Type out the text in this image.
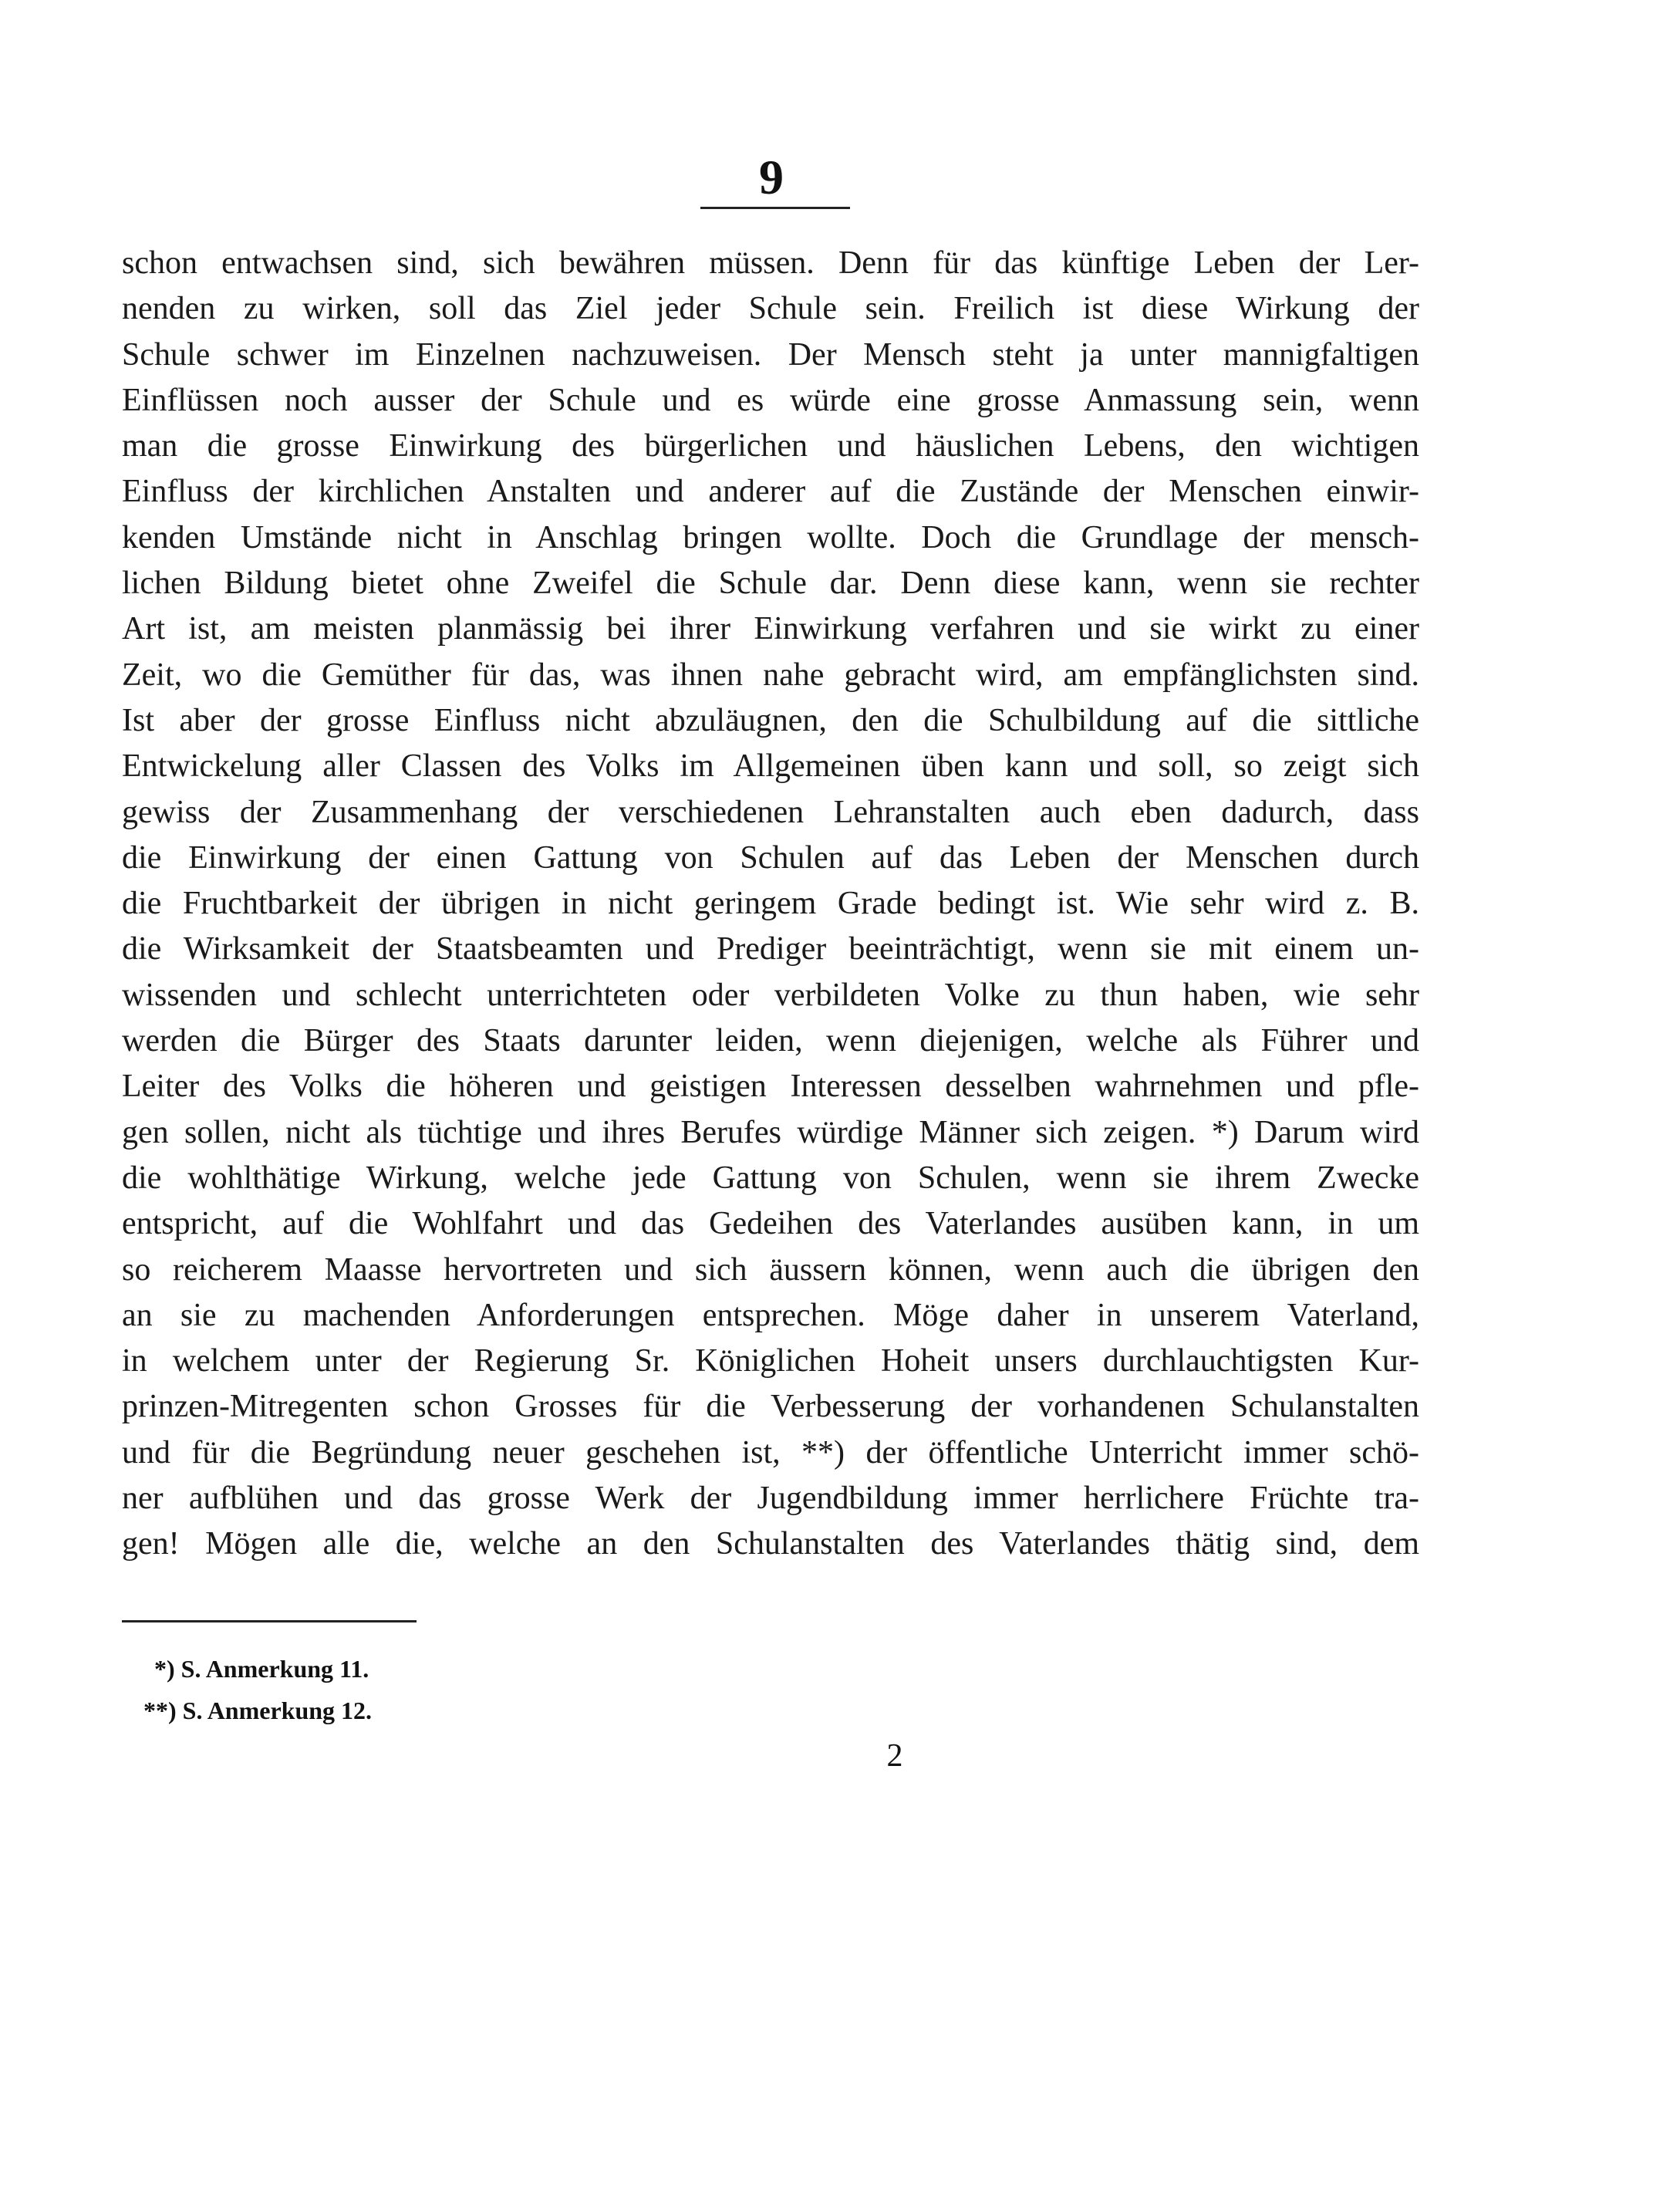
9
schon entwachsen sind, sich bewähren müssen. Denn für das künftige Leben der Ler-
nenden zu wirken, soll das Ziel jeder Schule sein. Freilich ist diese Wirkung der
Schule schwer im Einzelnen nachzuweisen. Der Mensch steht ja unter mannigfaltigen
Einflüssen noch ausser der Schule und es würde eine grosse Anmassung sein, wenn
man die grosse Einwirkung des bürgerlichen und häuslichen Lebens, den wichtigen
Einfluss der kirchlichen Anstalten und anderer auf die Zustände der Menschen einwir-
kenden Umstände nicht in Anschlag bringen wollte. Doch die Grundlage der mensch-
lichen Bildung bietet ohne Zweifel die Schule dar. Denn diese kann, wenn sie rechter
Art ist, am meisten planmässig bei ihrer Einwirkung verfahren und sie wirkt zu einer
Zeit, wo die Gemüther für das, was ihnen nahe gebracht wird, am empfänglichsten sind.
Ist aber der grosse Einfluss nicht abzuläugnen, den die Schulbildung auf die sittliche
Entwickelung aller Classen des Volks im Allgemeinen üben kann und soll, so zeigt sich
gewiss der Zusammenhang der verschiedenen Lehranstalten auch eben dadurch, dass
die Einwirkung der einen Gattung von Schulen auf das Leben der Menschen durch
die Fruchtbarkeit der übrigen in nicht geringem Grade bedingt ist. Wie sehr wird z. B.
die Wirksamkeit der Staatsbeamten und Prediger beeinträchtigt, wenn sie mit einem un-
wissenden und schlecht unterrichteten oder verbildeten Volke zu thun haben, wie sehr
werden die Bürger des Staats darunter leiden, wenn diejenigen, welche als Führer und
Leiter des Volks die höheren und geistigen Interessen desselben wahrnehmen und pfle-
gen sollen, nicht als tüchtige und ihres Berufes würdige Männer sich zeigen. *) Darum wird
die wohlthätige Wirkung, welche jede Gattung von Schulen, wenn sie ihrem Zwecke
entspricht, auf die Wohlfahrt und das Gedeihen des Vaterlandes ausüben kann, in um
so reicherem Maasse hervortreten und sich äussern können, wenn auch die übrigen den
an sie zu machenden Anforderungen entsprechen. Möge daher in unserem Vaterland,
in welchem unter der Regierung Sr. Königlichen Hoheit unsers durchlauchtigsten Kur-
prinzen-Mitregenten schon Grosses für die Verbesserung der vorhandenen Schulanstalten
und für die Begründung neuer geschehen ist, **) der öffentliche Unterricht immer schö-
ner aufblühen und das grosse Werk der Jugendbildung immer herrlichere Früchte tra-
gen! Mögen alle die, welche an den Schulanstalten des Vaterlandes thätig sind, dem
*) S. Anmerkung 11.
**) S. Anmerkung 12.
2
